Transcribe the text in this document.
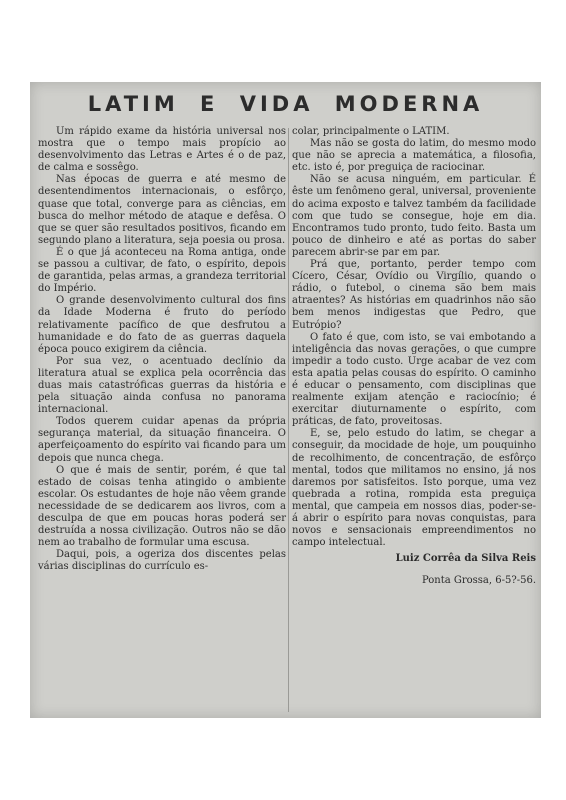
LATIM E VIDA MODERNA

Um rápido exame da história universal nos mostra que o tempo mais propício ao desenvolvimento das Letras e Artes é o de paz, de calma e sossêgo.

Nas épocas de guerra e até mesmo de desentendimentos internacionais, o esfôrço, quase que total, converge para as ciências, em busca do melhor método de ataque e defêsa. O que se quer são resultados positivos, ficando em segundo plano a literatura, seja poesia ou prosa.

É o que já aconteceu na Roma antiga, onde se passou a cultivar, de fato, o espírito, depois de garantida, pelas armas, a grandeza territorial do Império.

O grande desenvolvimento cultural dos fins da Idade Moderna é fruto do período relativamente pacífico de que desfrutou a humanidade e do fato de as guerras daquela época pouco exigirem da ciência.

Por sua vez, o acentuado declínio da literatura atual se explica pela ocorrência das duas mais catastróficas guerras da história e pela situação ainda confusa no panorama internacional.

Todos querem cuidar apenas da própria segurança material, da situação financeira. O aperfeiçoamento do espírito vai ficando para um depois que nunca chega.

O que é mais de sentir, porém, é que tal estado de coisas tenha atingido o ambiente escolar. Os estudantes de hoje não vêem grande necessidade de se dedicarem aos livros, com a desculpa de que em poucas horas poderá ser destruída a nossa civilização. Outros não se dão nem ao trabalho de formular uma escusa.

Daqui, pois, a ogeriza dos discentes pelas várias disciplinas do currículo es-

colar, principalmente o LATIM.

Mas não se gosta do latim, do mesmo modo que não se aprecia a matemática, a filosofia, etc. isto é, por preguiça de raciocinar.

Não se acusa ninguém, em particular. É êste um fenômeno geral, universal, proveniente do acima exposto e talvez também da facilidade com que tudo se consegue, hoje em dia. Encontramos tudo pronto, tudo feito. Basta um pouco de dinheiro e até as portas do saber parecem abrir-se par em par.

Prá que, portanto, perder tempo com Cícero, César, Ovídio ou Virgílio, quando o rádio, o futebol, o cinema são bem mais atraentes? As histórias em quadrinhos não são bem menos indigestas que Pedro, que Eutrópio?

O fato é que, com isto, se vai embotando a inteligência das novas gerações, o que cumpre impedir a todo custo. Urge acabar de vez com esta apatia pelas cousas do espírito. O caminho é educar o pensamento, com disciplinas que realmente exijam atenção e raciocínio; é exercitar diuturnamente o espírito, com práticas, de fato, proveitosas.

E, se, pelo estudo do latim, se chegar a conseguir, da mocidade de hoje, um pouquinho de recolhimento, de concentração, de esfôrço mental, todos que militamos no ensino, já nos daremos por satisfeitos. Isto porque, uma vez quebrada a rotina, rompida esta preguiça mental, que campeia em nossos dias, poder-se-á abrir o espírito para novas conquistas, para novos e sensacionais empreendimentos no campo intelectual.

Luiz Corrêa da Silva Reis

Ponta Grossa, 6-5?-56.
